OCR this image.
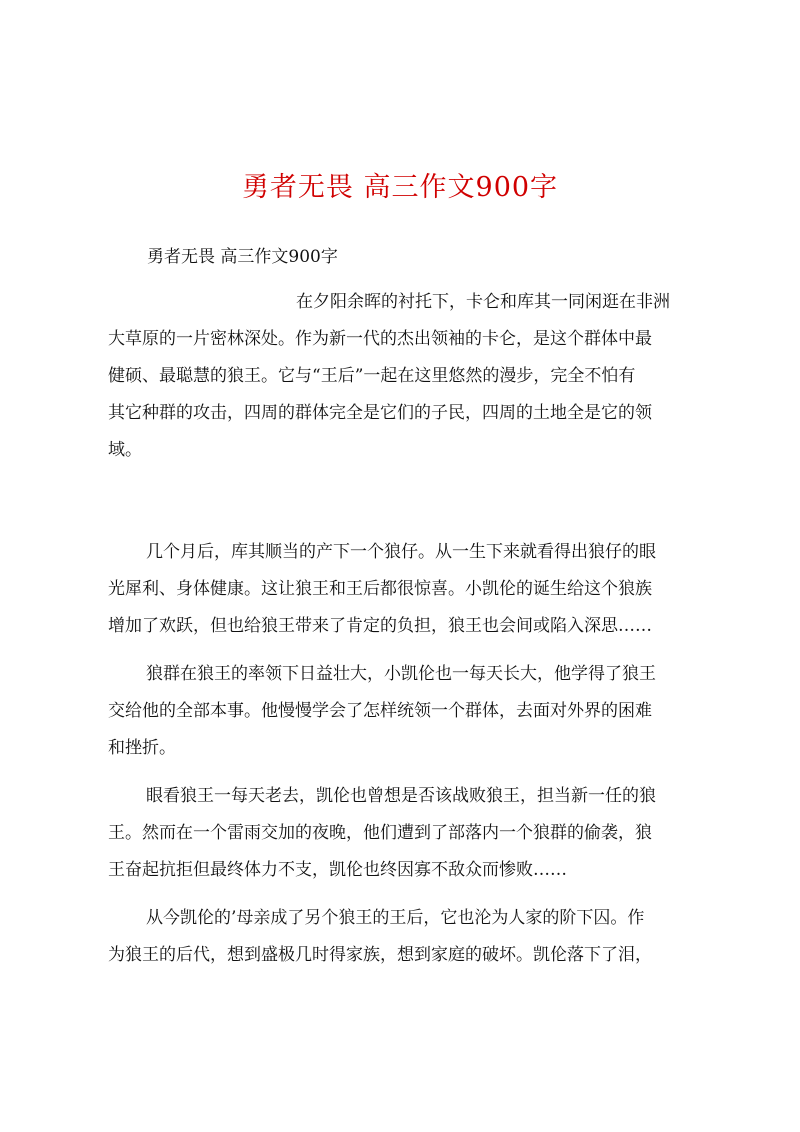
勇者无畏 高三作文900字
勇者无畏 高三作文900字
在夕阳余晖的衬托下，卡仑和库其一同闲逛在非洲
大草原的一片密林深处。作为新一代的杰出领袖的卡仑，是这个群体中最
健硕、最聪慧的狼王。它与“王后”一起在这里悠然的漫步，完全不怕有
其它种群的攻击，四周的群体完全是它们的子民，四周的土地全是它的领
域。
几个月后，库其顺当的产下一个狼仔。从一生下来就看得出狼仔的眼
光犀利、身体健康。这让狼王和王后都很惊喜。小凯伦的诞生给这个狼族
增加了欢跃，但也给狼王带来了肯定的负担，狼王也会间或陷入深思……
狼群在狼王的率领下日益壮大，小凯伦也一每天长大，他学得了狼王
交给他的全部本事。他慢慢学会了怎样统领一个群体，去面对外界的困难
和挫折。
眼看狼王一每天老去，凯伦也曾想是否该战败狼王，担当新一任的狼
王。然而在一个雷雨交加的夜晚，他们遭到了部落内一个狼群的偷袭，狼
王奋起抗拒但最终体力不支，凯伦也终因寡不敌众而惨败……
从今凯伦的’母亲成了另个狼王的王后，它也沦为人家的阶下囚。作
为狼王的后代，想到盛极几时得家族，想到家庭的破坏。凯伦落下了泪，
